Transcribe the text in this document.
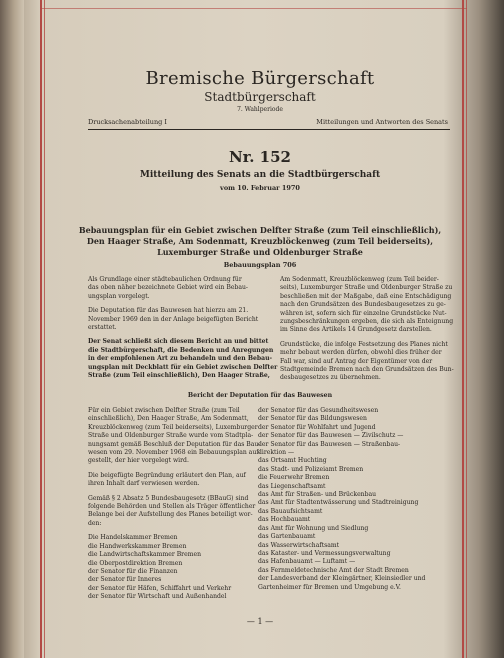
Bremische Bürgerschaft
Stadtbürgerschaft
7. Wahlperiode
Drucksachenabteilung I	Mitteilungen und Antworten des Senats
Nr. 152
Mitteilung des Senats an die Stadtbürgerschaft
vom 10. Februar 1970
Bebauungsplan für ein Gebiet zwischen Delfter Straße (zum Teil einschließlich),
Den Haager Straße, Am Sodenmatt, Kreuzblöckenweg (zum Teil beiderseits),
Luxemburger Straße und Oldenburger Straße
Bebauungsplan 706

Als Grundlage einer städtebaulichen Ordnung für
das oben näher bezeichnete Gebiet wird ein Bebau-
ungsplan vorgelegt.

Die Deputation für das Bauwesen hat hierzu am 21.
November 1969 den in der Anlage beigefügten Bericht
erstattet.

Der Senat schließt sich diesem Bericht an und bittet
die Stadtbürgerschaft, die Bedenken und Anregungen
in der empfohlenen Art zu behandeln und den Bebau-
ungsplan mit Deckblatt für ein Gebiet zwischen Delfter
Straße (zum Teil einschließlich), Den Haager Straße,

Am Sodenmatt, Kreuzblöckenweg (zum Teil beider-
seits), Luxemburger Straße und Oldenburger Straße zu
beschließen mit der Maßgabe, daß eine Entschädigung
nach den Grundsätzen des Bundesbaugesetzes zu ge-
währen ist, sofern sich für einzelne Grundstücke Nut-
zungsbeschränkungen ergeben, die sich als Enteignung
im Sinne des Artikels 14 Grundgesetz darstellen.

Grundstücke, die infolge Festsetzung des Planes nicht
mehr bebaut werden dürfen, obwohl dies früher der
Fall war, sind auf Antrag der Eigentümer von der
Stadtgemeinde Bremen nach den Grundsätzen des Bun-
desbaugesetzes zu übernehmen.

Bericht der Deputation für das Bauwesen

Für ein Gebiet zwischen Delfter Straße (zum Teil
einschließlich), Den Haager Straße, Am Sodenmatt,
Kreuzblöckenweg (zum Teil beiderseits), Luxemburger
Straße und Oldenburger Straße wurde vom Stadtpla-
nungsamt gemäß Beschluß der Deputation für das Bau-
wesen vom 29. November 1968 ein Bebauungsplan auf-
gestellt, der hier vorgelegt wird.

Die beigefügte Begründung erläutert den Plan, auf
ihren Inhalt darf verwiesen werden.

Gemäß § 2 Absatz 5 Bundesbaugesetz (BBauG) sind
folgende Behörden und Stellen als Träger öffentlicher
Belange bei der Aufstellung des Planes beteiligt wor-
den:

Die Handelskammer Bremen
die Handwerkskammer Bremen
die Landwirtschaftskammer Bremen
die Oberpostdirektion Bremen
der Senator für die Finanzen
der Senator für Inneres
der Senator für Häfen, Schiffahrt und Verkehr
der Senator für Wirtschaft und Außenhandel

der Senator für das Gesundheitswesen
der Senator für das Bildungswesen
der Senator für Wohlfahrt und Jugend
der Senator für das Bauwesen — Zivilschutz —
der Senator für das Bauwesen — Straßenbau-
direktion —
das Ortsamt Huchting
das Stadt- und Polizeiamt Bremen
die Feuerwehr Bremen
das Liegenschaftsamt
das Amt für Straßen- und Brückenbau
das Amt für Stadtentwässerung und Stadtreinigung
das Bauaufsichtsamt
das Hochbauamt
das Amt für Wohnung und Siedlung
das Gartenbauamt
das Wasserwirtschaftsamt
das Kataster- und Vermessungsverwaltung
das Hafenbauamt — Luftamt —
das Fernmeldetechnische Amt der Stadt Bremen
der Landesverband der Kleingärtner, Kleinsiedler und
Gartenheimer für Bremen und Umgebung e.V.
— 1 —
